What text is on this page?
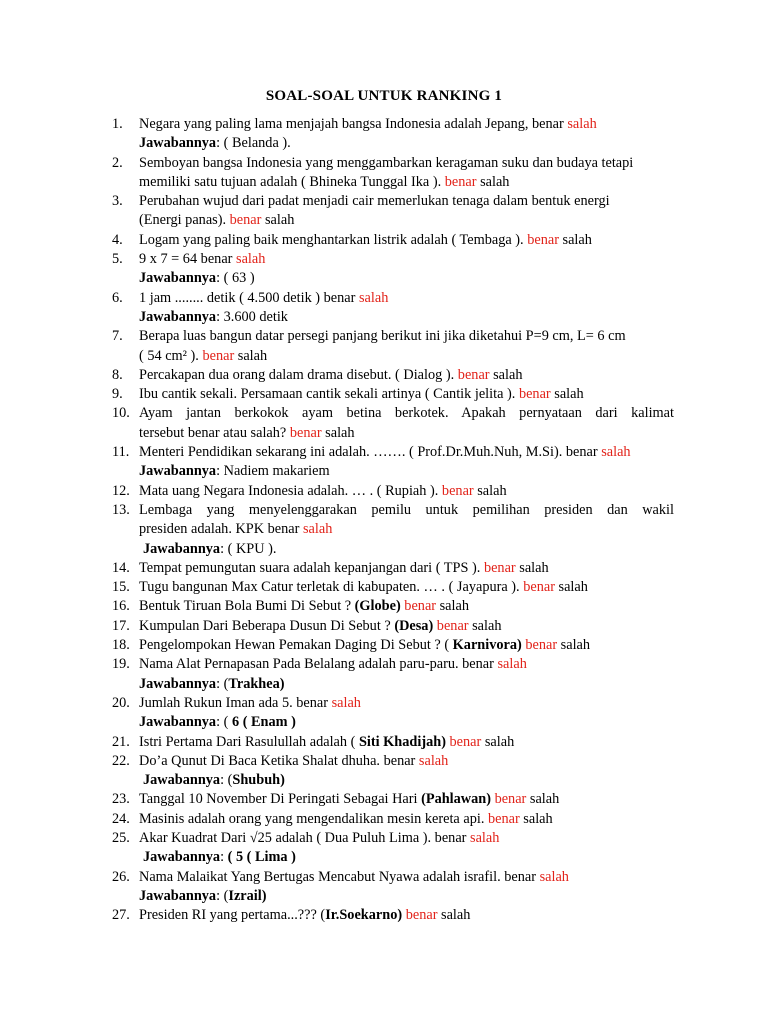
SOAL-SOAL UNTUK RANKING 1
1.	Negara yang paling lama menjajah bangsa Indonesia adalah Jepang, benar salah
Jawabannya: ( Belanda ).
2.	Semboyan bangsa Indonesia yang menggambarkan keragaman suku dan budaya tetapi
memiliki satu tujuan adalah ( Bhineka Tunggal Ika ). benar salah
3.	Perubahan wujud dari padat menjadi cair memerlukan tenaga dalam bentuk energi
(Energi panas). benar salah
4.	Logam yang paling baik menghantarkan listrik adalah ( Tembaga ). benar salah
5.	9 x 7 = 64 benar salah
Jawabannya: ( 63 )
6.	1 jam ........ detik ( 4.500 detik ) benar salah
Jawabannya: 3.600 detik
7.	Berapa luas bangun datar persegi panjang berikut ini jika diketahui P=9 cm, L= 6 cm
( 54 cm² ). benar salah
8.	Percakapan dua orang dalam drama disebut. ( Dialog ). benar salah
9.	Ibu cantik sekali. Persamaan cantik sekali artinya ( Cantik jelita ). benar salah
10. Ayam jantan berkokok ayam betina berkotek. Apakah pernyataan dari kalimat
tersebut benar atau salah? benar salah
11. Menteri Pendidikan sekarang ini adalah. ……. ( Prof.Dr.Muh.Nuh, M.Si). benar salah
Jawabannya: Nadiem makariem
12. Mata uang Negara Indonesia adalah. … . ( Rupiah ). benar salah
13. Lembaga yang menyelenggarakan pemilu untuk pemilihan presiden dan wakil
presiden adalah. KPK benar salah
Jawabannya: ( KPU ).
14. Tempat pemungutan suara adalah kepanjangan dari ( TPS ). benar salah
15. Tugu bangunan Max Catur terletak di kabupaten. … . ( Jayapura ). benar salah
16. Bentuk Tiruan Bola Bumi Di Sebut ? (Globe) benar salah
17. Kumpulan Dari Beberapa Dusun Di Sebut ? (Desa) benar salah
18. Pengelompokan Hewan Pemakan Daging Di Sebut ? ( Karnivora) benar salah
19. Nama Alat Pernapasan Pada Belalang adalah paru-paru. benar salah
Jawabannya: (Trakhea)
20. Jumlah Rukun Iman ada 5. benar salah
Jawabannya: ( 6 ( Enam )
21. Istri Pertama Dari Rasulullah adalah ( Siti Khadijah) benar salah
22. Do’a Qunut Di Baca Ketika Shalat dhuha. benar salah
Jawabannya: (Shubuh)
23. Tanggal 10 November Di Peringati Sebagai Hari (Pahlawan) benar salah
24. Masinis adalah orang yang mengendalikan mesin kereta api. benar salah
25. Akar Kuadrat Dari √25 adalah ( Dua Puluh Lima ). benar salah
Jawabannya: ( 5 ( Lima )
26. Nama Malaikat Yang Bertugas Mencabut Nyawa adalah israfil. benar salah
Jawabannya: (Izrail)
27. Presiden RI yang pertama...??? (Ir.Soekarno) benar salah
